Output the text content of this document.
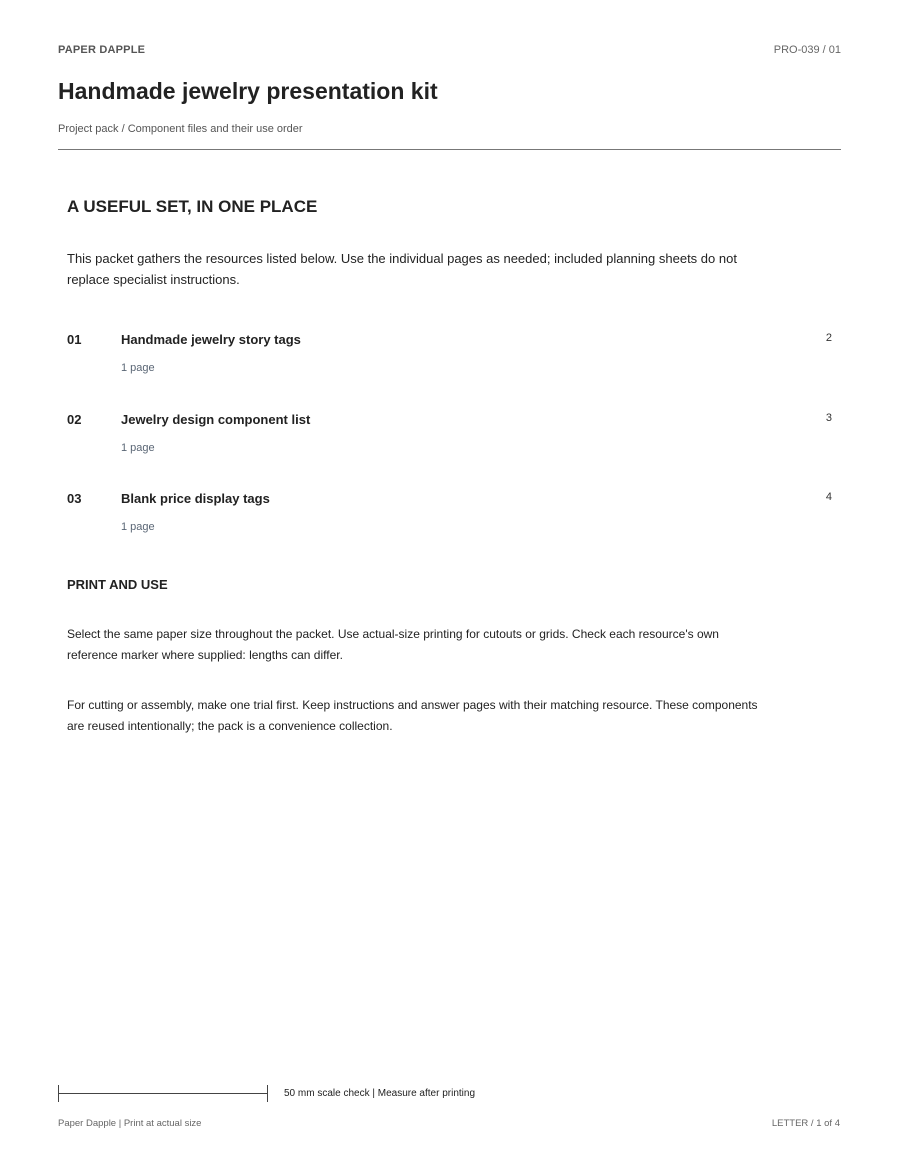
PAPER DAPPLE	PRO-039 / 01
Handmade jewelry presentation kit
Project pack / Component files and their use order
A USEFUL SET, IN ONE PLACE

This packet gathers the resources listed below. Use the individual pages as needed; included planning sheets do not replace specialist instructions.

01	Handmade jewelry story tags	2
1 page
02	Jewelry design component list	3
1 page
03	Blank price display tags	4
1 page
PRINT AND USE

Select the same paper size throughout the packet. Use actual-size printing for cutouts or grids. Check each resource's own reference marker where supplied: lengths can differ.

For cutting or assembly, make one trial first. Keep instructions and answer pages with their matching resource. These components are reused intentionally; the pack is a convenience collection.

50 mm scale check | Measure after printing
Paper Dapple | Print at actual size	LETTER / 1 of 4
